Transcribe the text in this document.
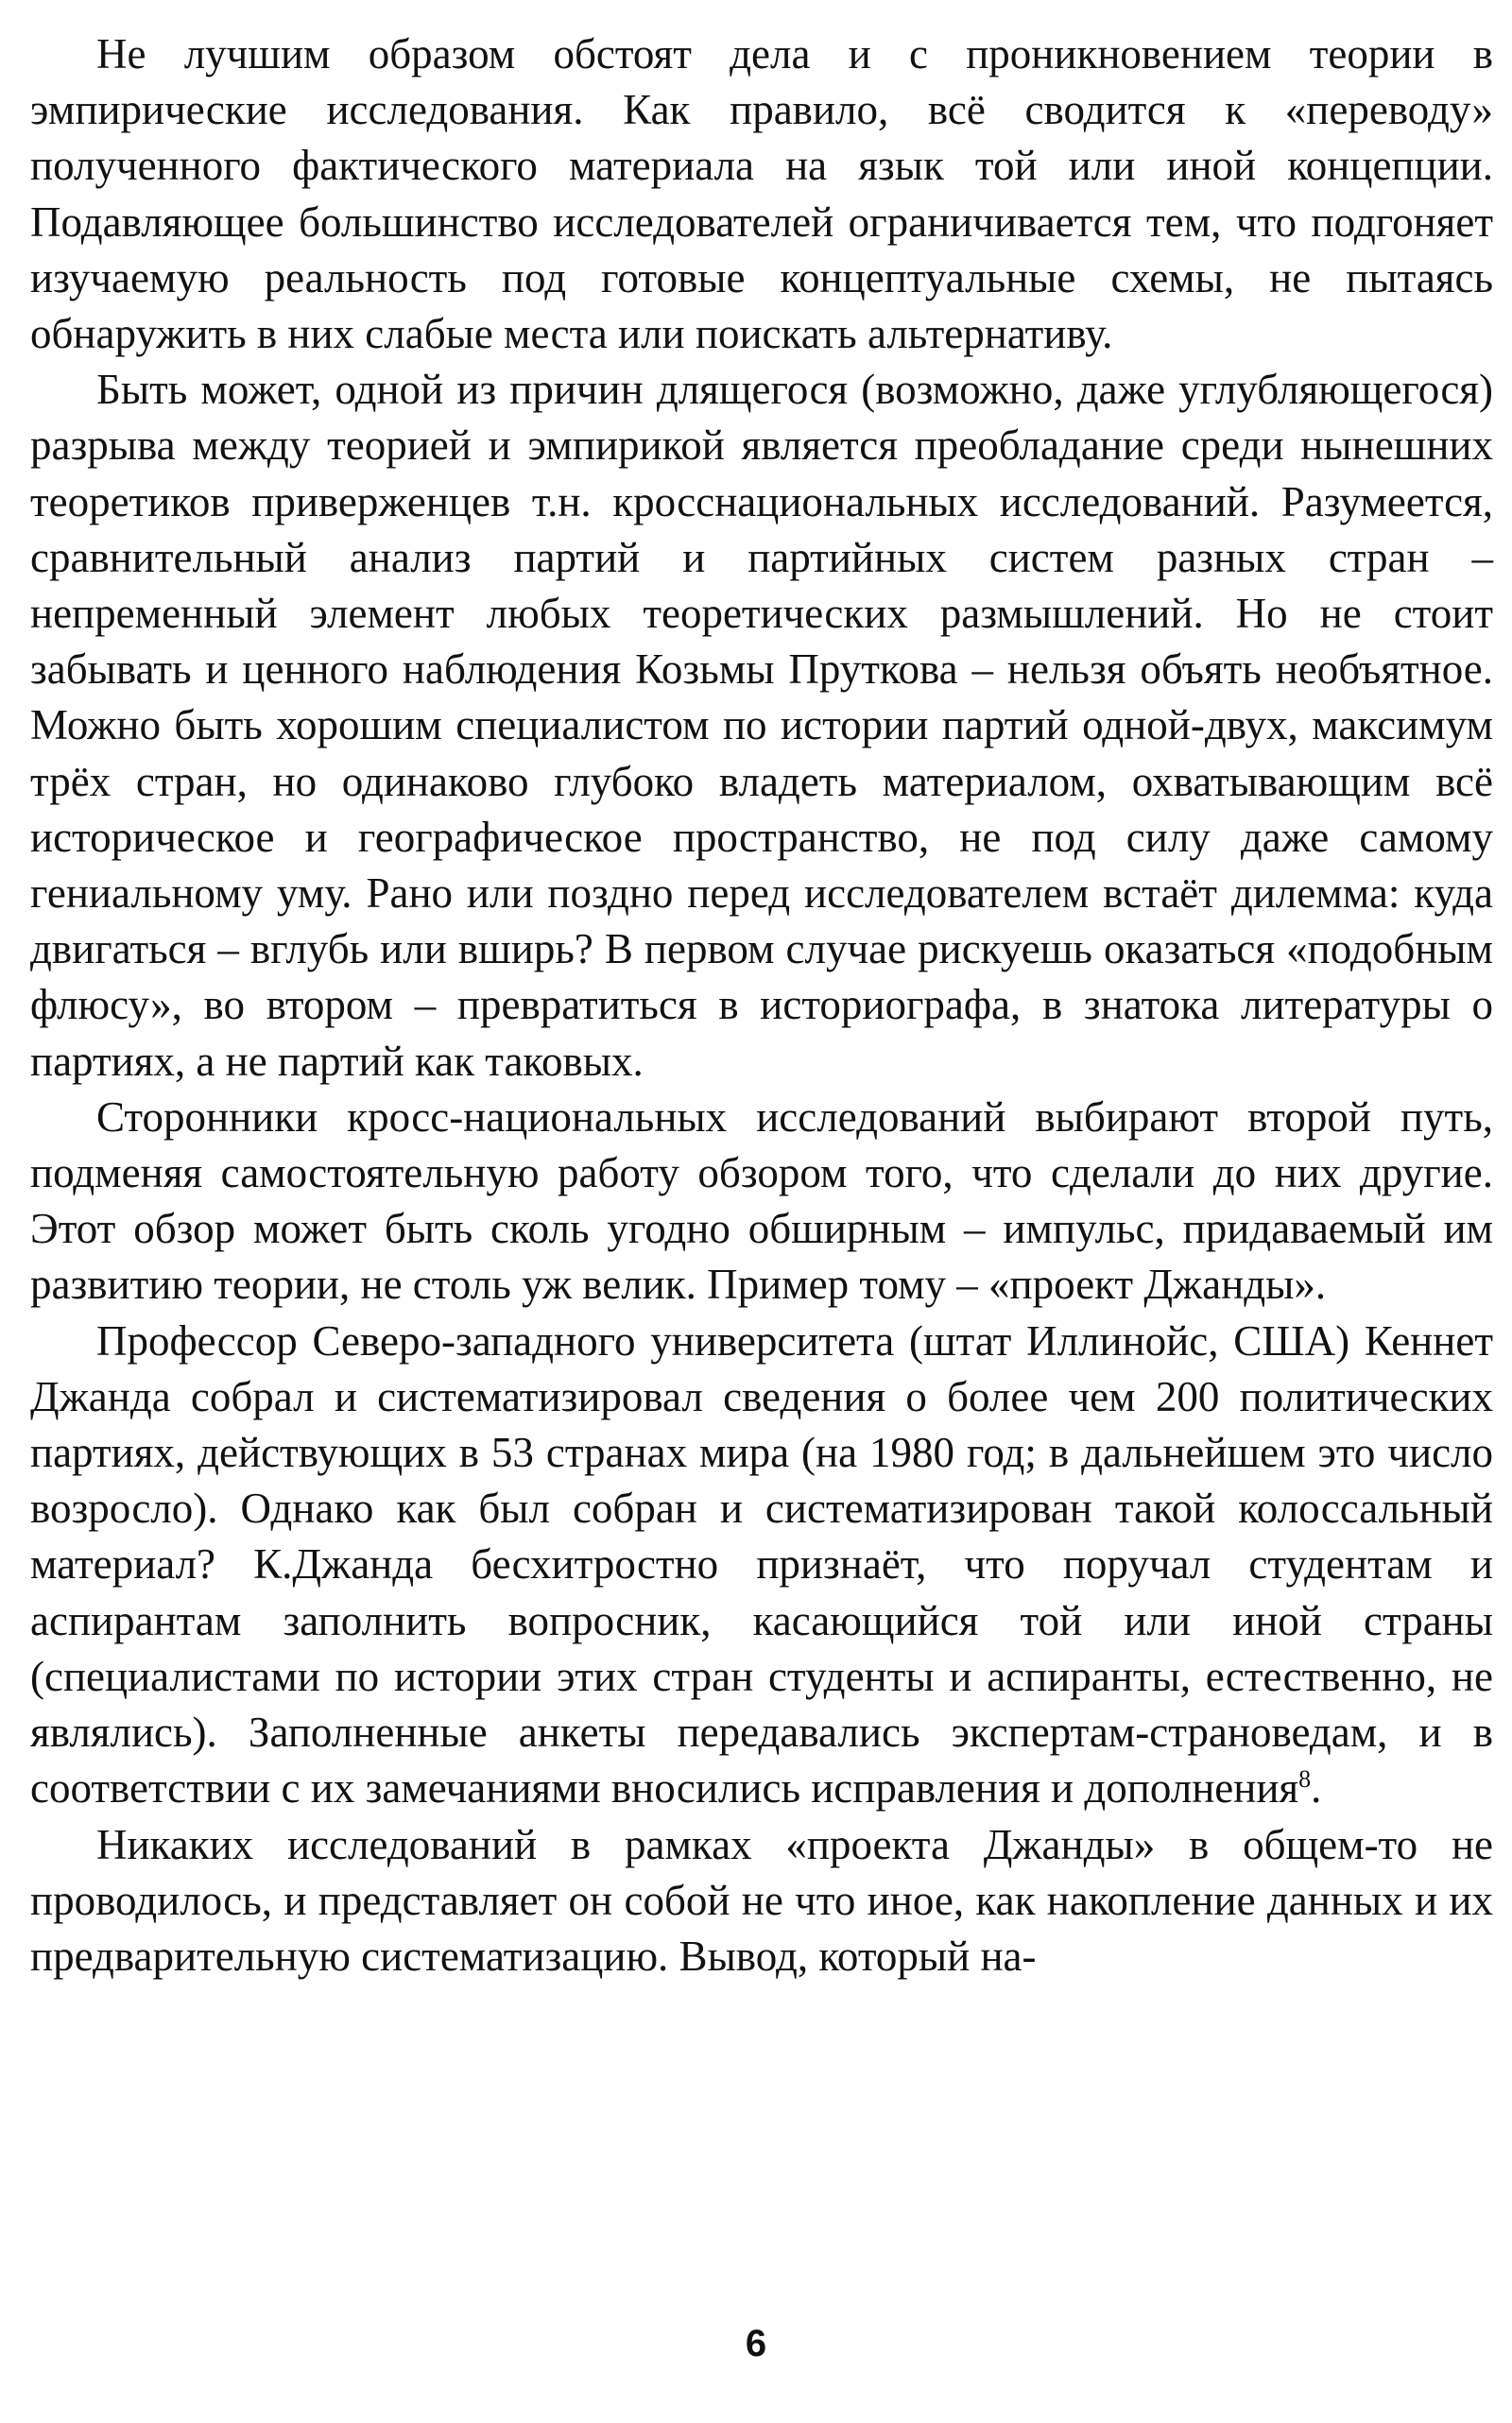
Не лучшим образом обстоят дела и с проникновением теории в эмпирические исследования. Как правило, всё сводится к «переводу» полученного фактического материала на язык той или иной концепции. Подавляющее большинство исследователей ограничивается тем, что подгоняет изучаемую реальность под готовые концептуальные схемы, не пытаясь обнаружить в них слабые места или поискать альтернативу.

Быть может, одной из причин длящегося (возможно, даже углубляющегося) разрыва между теорией и эмпирикой является преобладание среди нынешних теоретиков приверженцев т.н. кросснациональных исследований. Разумеется, сравнительный анализ партий и партийных систем разных стран – непременный элемент любых теоретических размышлений. Но не стоит забывать и ценного наблюдения Козьмы Пруткова – нельзя объять необъятное. Можно быть хорошим специалистом по истории партий одной-двух, максимум трёх стран, но одинаково глубоко владеть материалом, охватывающим всё историческое и географическое пространство, не под силу даже самому гениальному уму. Рано или поздно перед исследователем встаёт дилемма: куда двигаться – вглубь или вширь? В первом случае рискуешь оказаться «подобным флюсу», во втором – превратиться в историографа, в знатока литературы о партиях, а не партий как таковых.

Сторонники кросс-национальных исследований выбирают второй путь, подменяя самостоятельную работу обзором того, что сделали до них другие. Этот обзор может быть сколь угодно обширным – импульс, придаваемый им развитию теории, не столь уж велик. Пример тому – «проект Джанды».

Профессор Северо-западного университета (штат Иллинойс, США) Кеннет Джанда собрал и систематизировал сведения о более чем 200 политических партиях, действующих в 53 странах мира (на 1980 год; в дальнейшем это число возросло). Однако как был собран и систематизирован такой колоссальный материал? К.Джанда бесхитростно признаёт, что поручал студентам и аспирантам заполнить вопросник, касающийся той или иной страны (специалистами по истории этих стран студенты и аспиранты, естественно, не являлись). Заполненные анкеты передавались экспертам-страноведам, и в соответствии с их замечаниями вносились исправления и дополнения$^8$.

Никаких исследований в рамках «проекта Джанды» в общем-то не проводилось, и представляет он собой не что иное, как накопление данных и их предварительную систематизацию. Вывод, который на-

6
